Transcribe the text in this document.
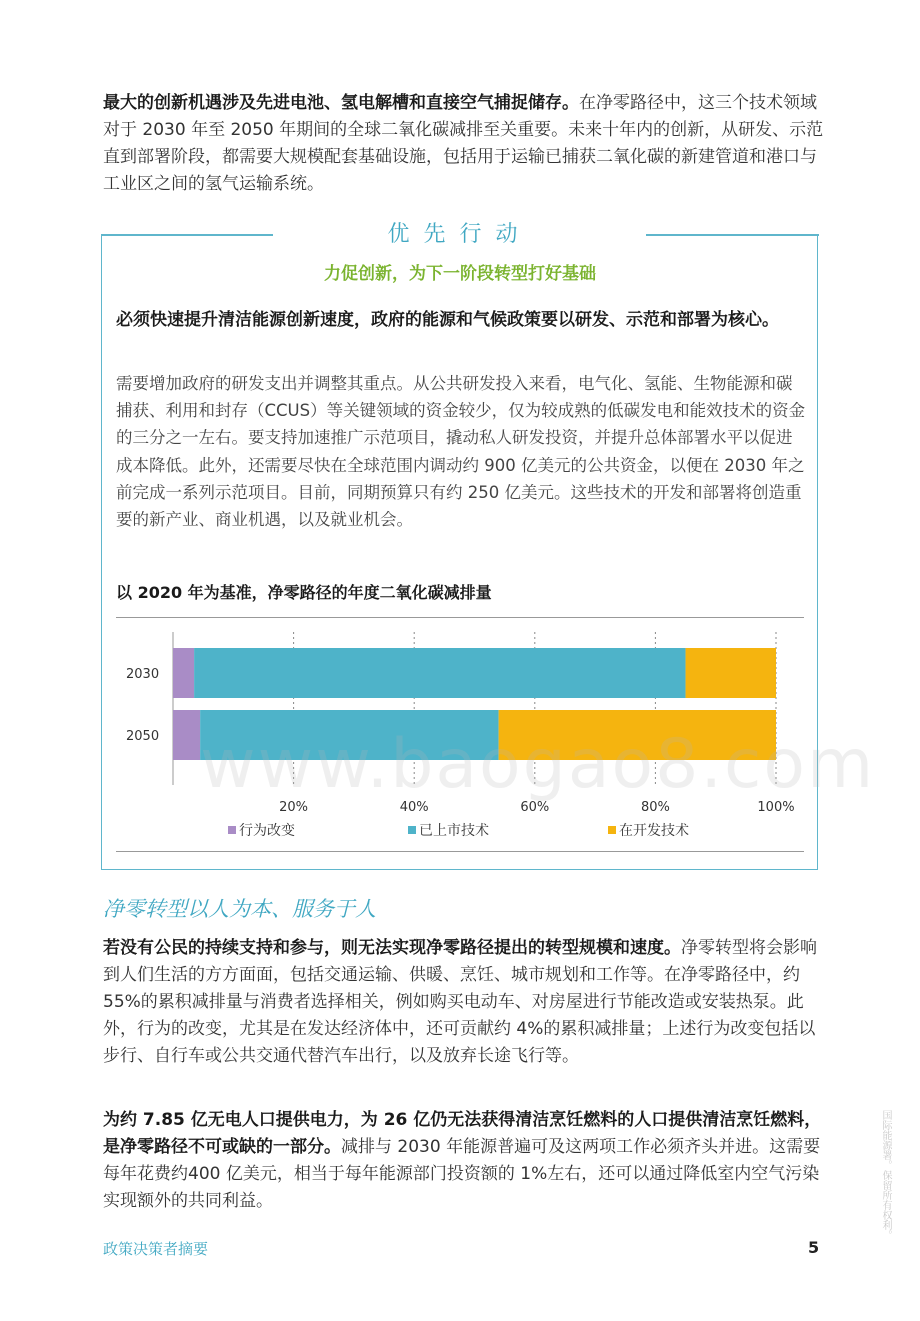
最大的创新机遇涉及先进电池、氢电解槽和直接空气捕捉储存。在净零路径中，这三个技术领域对于 2030 年至 2050 年期间的全球二氧化碳减排至关重要。未来十年内的创新，从研发、示范直到部署阶段，都需要大规模配套基础设施，包括用于运输已捕获二氧化碳的新建管道和港口与工业区之间的氢气运输系统。

优先行动
力促创新，为下一阶段转型打好基础

必须快速提升清洁能源创新速度，政府的能源和气候政策要以研发、示范和部署为核心。

需要增加政府的研发支出并调整其重点。从公共研发投入来看，电气化、氢能、生物能源和碳捕获、利用和封存（CCUS）等关键领域的资金较少，仅为较成熟的低碳发电和能效技术的资金的三分之一左右。要支持加速推广示范项目，撬动私人研发投资，并提升总体部署水平以促进成本降低。此外，还需要尽快在全球范围内调动约 900 亿美元的公共资金，以便在 2030 年之前完成一系列示范项目。目前，同期预算只有约 250 亿美元。这些技术的开发和部署将创造重要的新产业、商业机遇，以及就业机会。

以 2020 年为基准，净零路径的年度二氧化碳减排量
2030
2050
20%	40%	60%	80%	100%
行为改变	已上市技术	在开发技术
www.baogao8.com
净零转型以人为本、服务于人

若没有公民的持续支持和参与，则无法实现净零路径提出的转型规模和速度。净零转型将会影响到人们生活的方方面面，包括交通运输、供暖、烹饪、城市规划和工作等。在净零路径中，约 55%的累积减排量与消费者选择相关，例如购买电动车、对房屋进行节能改造或安装热泵。此外，行为的改变，尤其是在发达经济体中，还可贡献约 4%的累积减排量；上述行为改变包括以步行、自行车或公共交通代替汽车出行，以及放弃长途飞行等。

为约 7.85 亿无电人口提供电力，为 26 亿仍无法获得清洁烹饪燃料的人口提供清洁烹饪燃料，是净零路径不可或缺的一部分。减排与 2030 年能源普遍可及这两项工作必须齐头并进。这需要每年花费约400 亿美元，相当于每年能源部门投资额的 1%左右，还可以通过降低室内空气污染实现额外的共同利益。

政策决策者摘要	5
国际能源署。保留所有权利。
